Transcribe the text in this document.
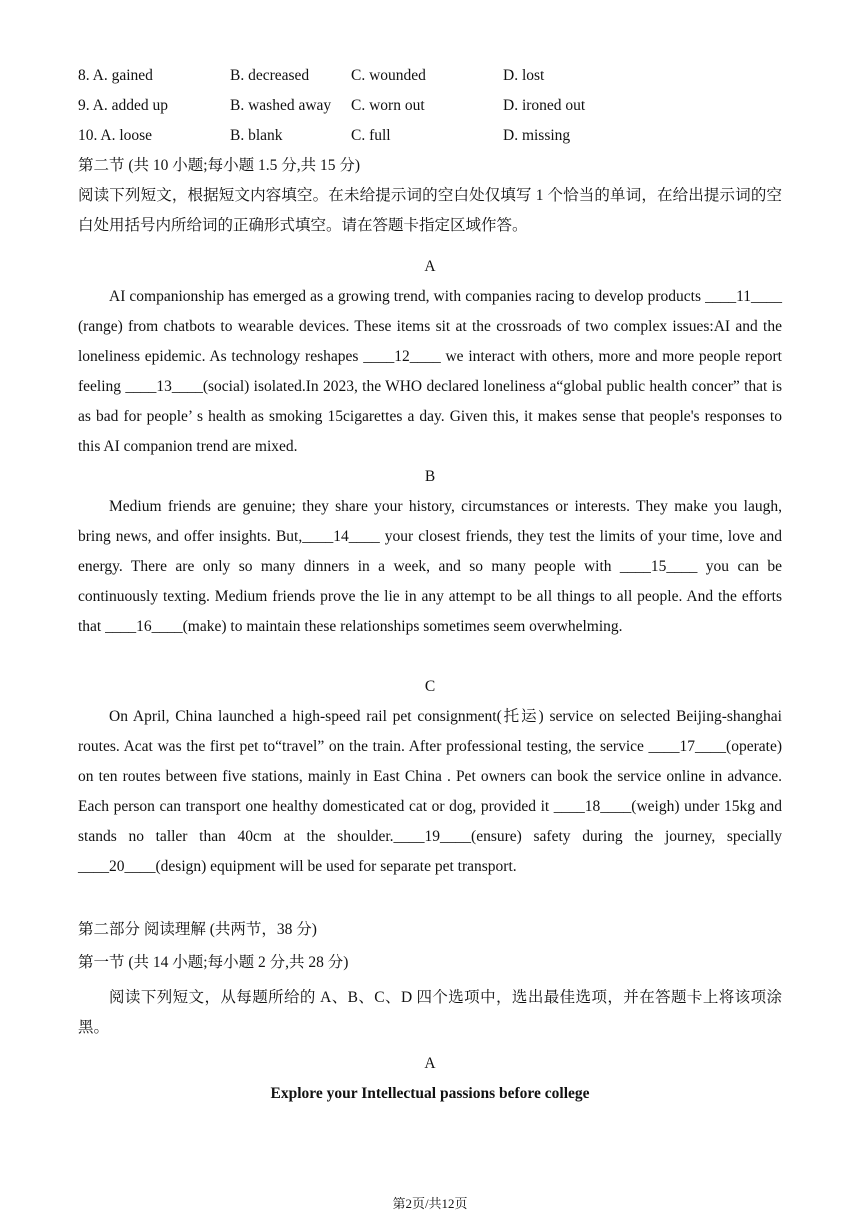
8. A. gained	B. decreased	C. wounded	D. lost
9. A. added up	B. washed away C. worn out	D. ironed out
10. A. loose	B. blank	C. full	D. missing
第二节 (共 10 小题;每小题 1.5 分,共 15 分)

阅读下列短文，根据短文内容填空。在未给提示词的空白处仅填写 1 个恰当的单词，在给出提示词的空白处用括号内所给词的正确形式填空。请在答题卡指定区域作答。

A

AI companionship has emerged as a growing trend, with companies racing to develop products ____11____ (range) from chatbots to wearable devices. These items sit at the crossroads of two complex issues:AI and the loneliness epidemic. As technology reshapes ____12____ we interact with others, more and more people report feeling ____13____(social) isolated.In 2023, the WHO declared loneliness a“global public health concer” that is as bad for people’ s health as smoking 15cigarettes a day. Given this, it makes sense that people's responses to this AI companion trend are mixed.

B

Medium friends are genuine; they share your history, circumstances or interests. They make you laugh, bring news, and offer insights. But,____14____ your closest friends, they test the limits of your time, love and energy. There are only so many dinners in a week, and so many people with ____15____ you can be continuously texting. Medium friends prove the lie in any attempt to be all things to all people. And the efforts that ____16____(make) to maintain these relationships sometimes seem overwhelming.

C

On April, China launched a high-speed rail pet consignment(托运) service on selected Beijing-shanghai routes. Acat was the first pet to“travel” on the train. After professional testing, the service ____17____(operate) on ten routes between five stations, mainly in East China . Pet owners can book the service online in advance. Each person can transport one healthy domesticated cat or dog, provided it ____18____(weigh) under 15kg and stands no taller than 40cm at the shoulder.____19____(ensure) safety during the journey, specially ____20____(design) equipment will be used for separate pet transport.

第二部分 阅读理解 (共两节，38 分)
第一节 (共 14 小题;每小题 2 分,共 28 分)

阅读下列短文，从每题所给的 A、B、C、D 四个选项中，选出最佳选项，并在答题卡上将该项涂黑。

A
Explore your Intellectual passions before college
第2页/共12页
